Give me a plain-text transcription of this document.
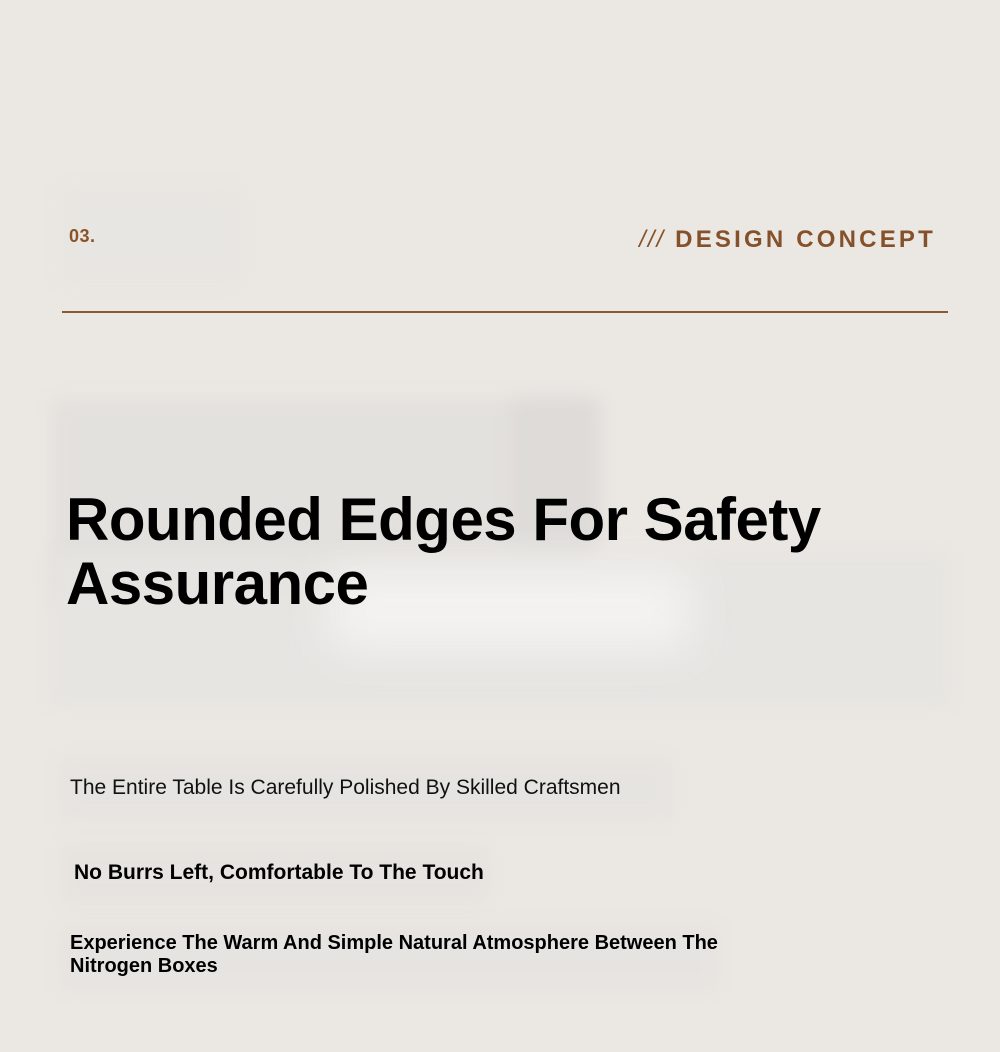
03.	/// DESIGN CONCEPT
Rounded Edges For Safety Assurance
The Entire Table Is Carefully Polished By Skilled Craftsmen
No Burrs Left, Comfortable To The Touch
Experience The Warm And Simple Natural Atmosphere Between The Nitrogen Boxes
